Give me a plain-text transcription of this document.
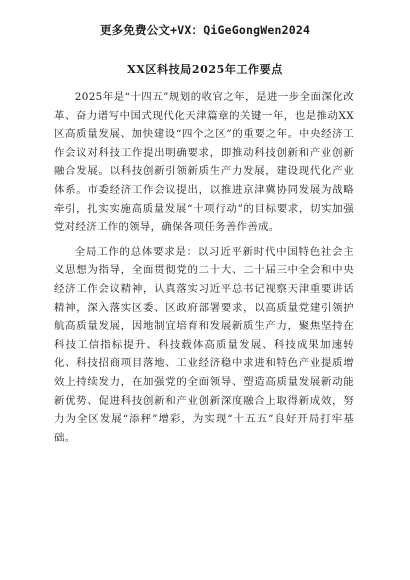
更多免费公文+VX：QiGeGongWen2024
XX区科技局2025年工作要点

2025年是“十四五”规划的收官之年，是进一步全面深化改革、奋力谱写中国式现代化天津篇章的关键一年，也是推动XX区高质量发展、加快建设“四个之区”的重要之年。中央经济工作会议对科技工作提出明确要求，即推动科技创新和产业创新融合发展。以科技创新引领新质生产力发展，建设现代化产业体系。市委经济工作会议提出，以推进京津冀协同发展为战略牵引，扎实实施高质量发展“十项行动”的目标要求，切实加强党对经济工作的领导，确保各项任务善作善成。

全局工作的总体要求是：以习近平新时代中国特色社会主义思想为指导，全面贯彻党的二十大、二十届三中全会和中央经济工作会议精神，认真落实习近平总书记视察天津重要讲话精神，深入落实区委、区政府部署要求，以高质量党建引领护航高质量发展，因地制宜培育和发展新质生产力，聚焦坚持在科技工信指标提升、科技载体高质量发展、科技成果加速转化、科技招商项目落地、工业经济稳中求进和特色产业提质增效上持续发力，在加强党的全面领导、塑造高质量发展新动能新优势、促进科技创新和产业创新深度融合上取得新成效，努力为全区发展“添秤”增彩，为实现“十五五”良好开局打牢基础。
